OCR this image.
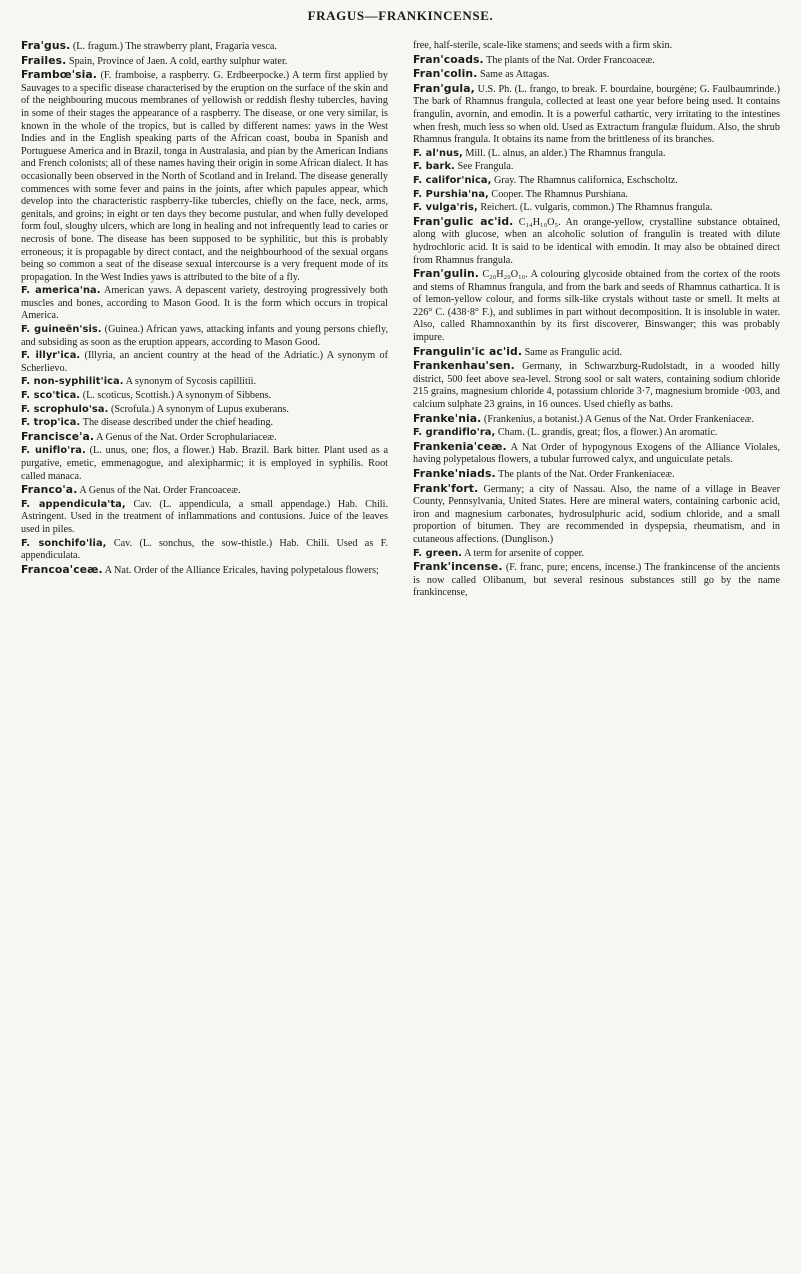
FRAGUS—FRANKINCENSE.

Fra'gus. (L. fragum.) The strawberry plant, Fragaria vesca.

Frailes. Spain, Province of Jaen. A cold, earthy sulphur water.

Frambœ'sia. (F. framboise, a raspberry. G. Erdbeerpocke.) A term first applied by Sauvages to a specific disease characterised by the eruption on the surface of the skin and of the neighbouring mucous membranes of yellowish or reddish fleshy tubercles, having in some of their stages the appearance of a raspberry. The disease, or one very similar, is known in the whole of the tropics, but is called by different names: yaws in the West Indies and in the English speaking parts of the African coast, bouba in Spanish and Portuguese America and in Brazil, tonga in Australasia, and pian by the American Indians and French colonists; all of these names having their origin in some African dialect. It has occasionally been observed in the North of Scotland and in Ireland. The disease generally commences with some fever and pains in the joints, after which papules appear, which develop into the characteristic raspberry-like tubercles, chiefly on the face, neck, arms, genitals, and groins; in eight or ten days they become pustular, and when fully developed form foul, sloughy ulcers, which are long in healing and not infrequently lead to caries or necrosis of bone. The disease has been supposed to be syphilitic, but this is probably erroneous; it is propagable by direct contact, and the neighbourhood of the sexual organs being so common a seat of the disease sexual intercourse is a very frequent mode of its propagation. In the West Indies yaws is attributed to the bite of a fly.

F. america'na. American yaws. A depascent variety, destroying progressively both muscles and bones, according to Mason Good. It is the form which occurs in tropical America.

F. guineën'sis. (Guinea.) African yaws, attacking infants and young persons chiefly, and subsiding as soon as the eruption appears, according to Mason Good.

F. illyr'ica. (Illyria, an ancient country at the head of the Adriatic.) A synonym of Scherlievo.

F. non-syphilit'ica. A synonym of Sycosis capillitii.

F. sco'tica. (L. scoticus, Scottish.) A synonym of Sibbens.

F. scrophulo'sa. (Scrofula.) A synonym of Lupus exuberans.

F. trop'ica. The disease described under the chief heading.

Francisce'a. A Genus of the Nat. Order Scrophulariaceæ.

F. uniflo'ra. (L. unus, one; flos, a flower.) Hab. Brazil. Bark bitter. Plant used as a purgative, emetic, emmenagogue, and alexipharmic; it is employed in syphilis. Root called manaca.

Franco'a. A Genus of the Nat. Order Francoaceæ.

F. appendicula'ta, Cav. (L. appendicula, a small appendage.) Hab. Chili. Astringent. Used in the treatment of inflammations and contusions. Juice of the leaves used in piles.

F. sonchifo'lia, Cav. (L. sonchus, the sow-thistle.) Hab. Chili. Used as F. appendiculata.

Francoa'ceæ. A Nat. Order of the Alliance Ericales, having polypetalous flowers;

free, half-sterile, scale-like stamens; and seeds with a firm skin.

Fran'coads. The plants of the Nat. Order Francoaceæ.

Fran'colin. Same as Attagas.

Fran'gula, U.S. Ph. (L. frango, to break. F. bourdaine, bourgène; G. Faulbaumrinde.) The bark of Rhamnus frangula, collected at least one year before being used. It contains frangulin, avornin, and emodin. It is a powerful cathartic, very irritating to the intestines when fresh, much less so when old. Used as Extractum frangulæ fluidum. Also, the shrub Rhamnus frangula. It obtains its name from the brittleness of its branches.

F. al'nus, Mill. (L. alnus, an alder.) The Rhamnus frangula.

F. bark. See Frangula.

F. califor'nica, Gray. The Rhamnus californica, Eschscholtz.

F. Purshia'na, Cooper. The Rhamnus Purshiana.

F. vulga'ris, Reichert. (L. vulgaris, common.) The Rhamnus frangula.

Fran'gulic ac'id. C₁₄H₁₀O₅. An orange-yellow, crystalline substance obtained, along with glucose, when an alcoholic solution of frangulin is treated with dilute hydrochloric acid. It is said to be identical with emodin. It may also be obtained direct from Rhamnus frangula.

Fran'gulin. C₂₀H₂₀O₁₀. A colouring glycoside obtained from the cortex of the roots and stems of Rhamnus frangula, and from the bark and seeds of Rhamnus cathartica. It is of lemon-yellow colour, and forms silk-like crystals without taste or smell. It melts at 226° C. (438·8° F.), and sublimes in part without decomposition. It is insoluble in water. Also, called Rhamnoxanthin by its first discoverer, Binswanger; this was probably impure.

Frangulin'ic ac'id. Same as Frangulic acid.

Frankenhau'sen. Germany, in Schwarzburg-Rudolstadt, in a wooded hilly district, 500 feet above sea-level. Strong sool or salt waters, containing sodium chloride 215 grains, magnesium chloride 4, potassium chloride 3·7, magnesium bromide ·003, and calcium sulphate 23 grains, in 16 ounces. Used chiefly as baths.

Franke'nia. (Frankenius, a botanist.) A Genus of the Nat. Order Frankeniaceæ.

F. grandiflo'ra, Cham. (L. grandis, great; flos, a flower.) An aromatic.

Frankenia'ceæ. A Nat Order of hypogynous Exogens of the Alliance Violales, having polypetalous flowers, a tubular furrowed calyx, and unguiculate petals.

Franke'niads. The plants of the Nat. Order Frankeniaceæ.

Frank'fort. Germany; a city of Nassau. Also, the name of a village in Beaver County, Pennsylvania, United States. Here are mineral waters, containing carbonic acid, iron and magnesium carbonates, hydrosulphuric acid, sodium chloride, and a small proportion of bitumen. They are recommended in dyspepsia, rheumatism, and in cutaneous affections. (Dunglison.)

F. green. A term for arsenite of copper.

Frank'incense. (F. franc, pure; encens, incense.) The frankincense of the ancients is now called Olibanum, but several resinous substances still go by the name frankincense,
